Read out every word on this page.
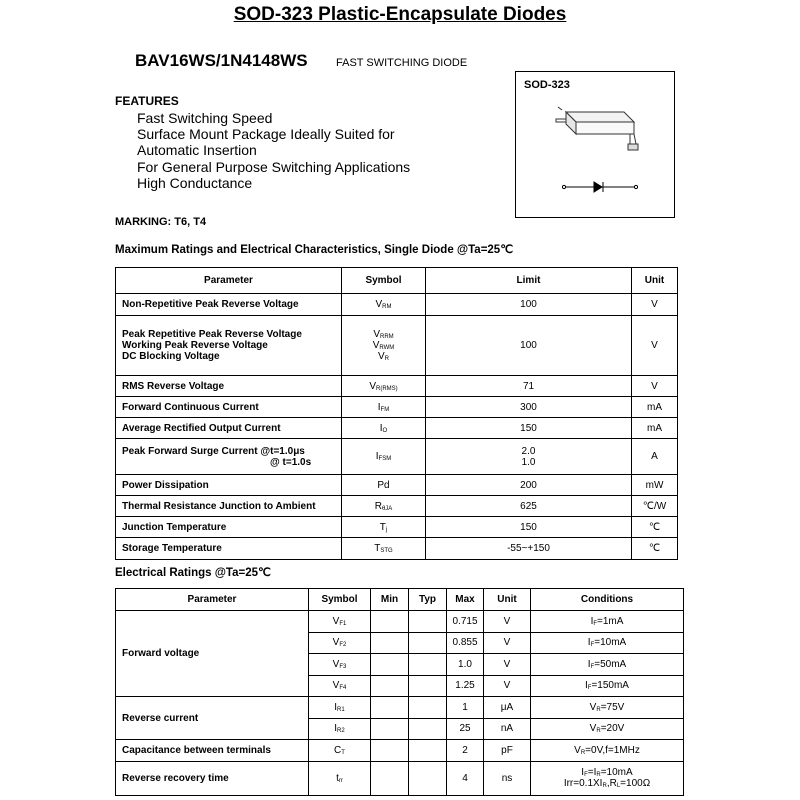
SOD-323 Plastic-Encapsulate Diodes
BAV16WS/1N4148WS	FAST SWITCHING DIODE
SOD-323
FEATURES
Fast Switching Speed
Surface Mount Package Ideally Suited for
Automatic Insertion
For General Purpose Switching Applications
High Conductance
MARKING: T6, T4
Maximum Ratings and Electrical Characteristics, Single Diode @Ta=25℃
Parameter	Symbol	Limit	Unit

Non-Repetitive Peak Reverse Voltage	$V_{RM}$	100	V

Peak Repetitive Peak Reverse Voltage
Working Peak Reverse Voltage
DC Blocking Voltage	$V_{RRM}$
$V_{RWM}$
$V_R$	100	V

RMS Reverse Voltage	$V_{R(RMS)}$	71	V

Forward Continuous Current	$I_{FM}$	300	mA

Average Rectified Output Current	$I_O$	150	mA

Peak Forward Surge Current @t=1.0μs
@ t=1.0s	$I_{FSM}$	2.0
1.0	A

Power Dissipation	Pd	200	mW

Thermal Resistance Junction to Ambient	$R_{\theta JA}$	625	℃/W

Junction Temperature	$T_j$	150	℃

Storage Temperature	$T_{STG}$	-55~+150	℃
Electrical Ratings @Ta=25℃
Parameter	Symbol	Min	Typ	Max	Unit	Conditions
Forward voltage	$V_{F1}$			0.715	V	$I_F=1mA$

	$V_{F2}$			0.855	V	$I_F=10mA$

	$V_{F3}$			1.0	V	$I_F=50mA$

	$V_{F4}$			1.25	V	$I_F=150mA$

Reverse current	$I_{R1}$			1	μA	$V_R=75V$

	$I_{R2}$			25	nA	$V_R=20V$

Capacitance between terminals	$C_T$			2	pF	$V_R=0V,f=1MHz$

Reverse recovery time	$t_{rr}$			4	ns	$I_F=I_R=10mA$
$Irr=0.1XI_R,R_L=100\Omega$
